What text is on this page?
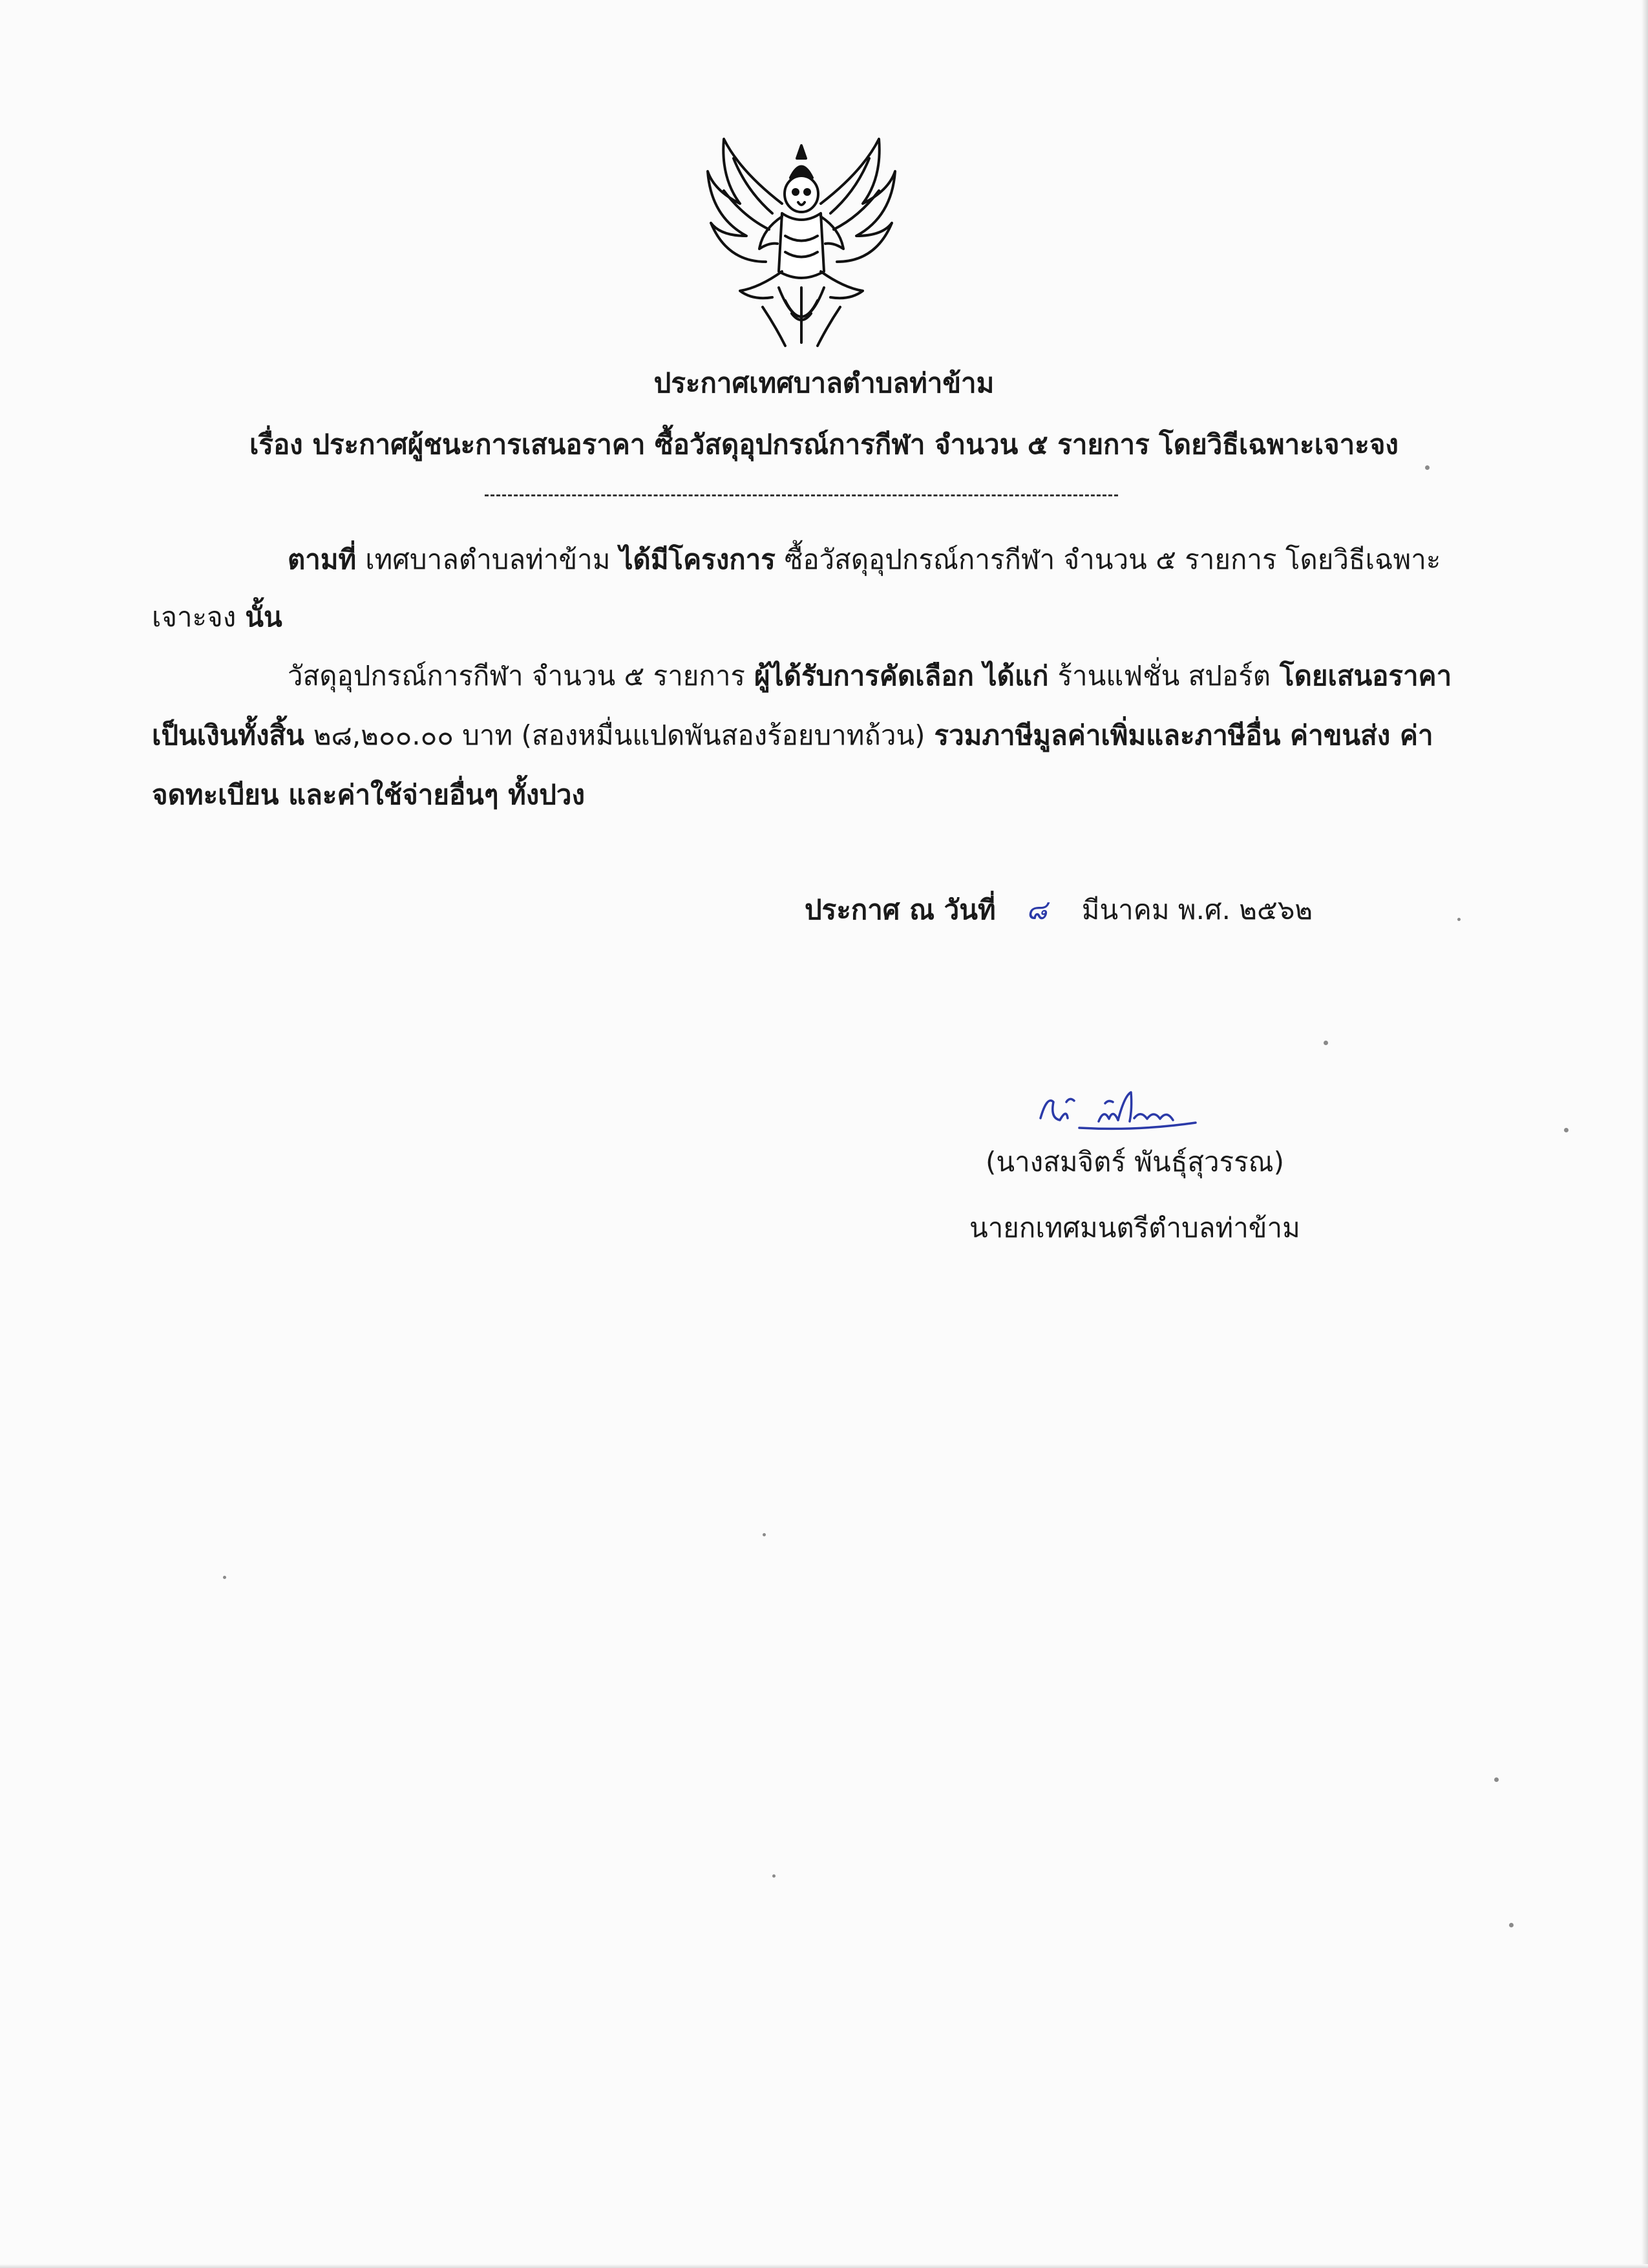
ประกาศเทศบาลตำบลท่าข้าม
เรื่อง ประกาศผู้ชนะการเสนอราคา ซื้อวัสดุอุปกรณ์การกีฬา จำนวน ๕ รายการ โดยวิธีเฉพาะเจาะจง
ตามที่ เทศบาลตำบลท่าข้าม ได้มีโครงการ ซื้อวัสดุอุปกรณ์การกีฬา จำนวน ๕ รายการ โดยวิธีเฉพาะ
เจาะจง นั้น
วัสดุอุปกรณ์การกีฬา จำนวน ๕ รายการ ผู้ได้รับการคัดเลือก ได้แก่ ร้านแฟชั่น สปอร์ต โดยเสนอราคา
เป็นเงินทั้งสิ้น ๒๘,๒๐๐.๐๐ บาท (สองหมื่นแปดพันสองร้อยบาทถ้วน) รวมภาษีมูลค่าเพิ่มและภาษีอื่น ค่าขนส่ง ค่า
จดทะเบียน และค่าใช้จ่ายอื่นๆ ทั้งปวง
ประกาศ ณ วันที่ ๘ มีนาคม พ.ศ. ๒๕๖๒
(นางสมจิตร์ พันธุ์สุวรรณ)
นายกเทศมนตรีตำบลท่าข้าม
